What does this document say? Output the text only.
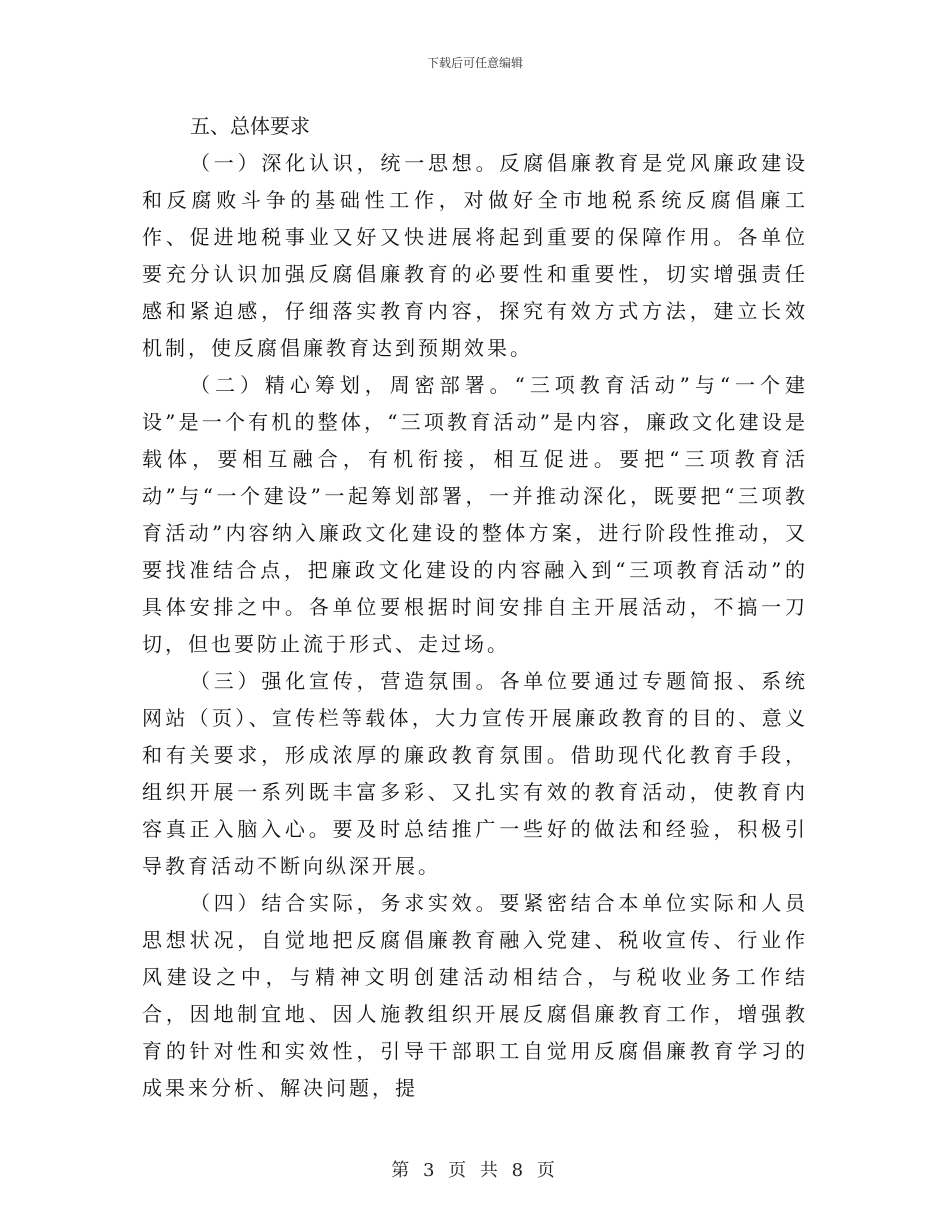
下载后可任意编辑

五、总体要求

（一）深化认识，统一思想。反腐倡廉教育是党风廉政建设和反腐败斗争的基础性工作，对做好全市地税系统反腐倡廉工作、促进地税事业又好又快进展将起到重要的保障作用。各单位要充分认识加强反腐倡廉教育的必要性和重要性，切实增强责任感和紧迫感，仔细落实教育内容，探究有效方式方法，建立长效机制，使反腐倡廉教育达到预期效果。

（二）精心筹划，周密部署。“三项教育活动”与“一个建设”是一个有机的整体，“三项教育活动”是内容，廉政文化建设是载体，要相互融合，有机衔接，相互促进。要把“三项教育活动”与“一个建设”一起筹划部署，一并推动深化，既要把“三项教育活动”内容纳入廉政文化建设的整体方案，进行阶段性推动，又要找准结合点，把廉政文化建设的内容融入到“三项教育活动”的具体安排之中。各单位要根据时间安排自主开展活动，不搞一刀切，但也要防止流于形式、走过场。

（三）强化宣传，营造氛围。各单位要通过专题简报、系统网站（页）、宣传栏等载体，大力宣传开展廉政教育的目的、意义和有关要求，形成浓厚的廉政教育氛围。借助现代化教育手段，组织开展一系列既丰富多彩、又扎实有效的教育活动，使教育内容真正入脑入心。要及时总结推广一些好的做法和经验，积极引导教育活动不断向纵深开展。

（四）结合实际，务求实效。要紧密结合本单位实际和人员思想状况，自觉地把反腐倡廉教育融入党建、税收宣传、行业作风建设之中，与精神文明创建活动相结合，与税收业务工作结合，因地制宜地、因人施教组织开展反腐倡廉教育工作，增强教育的针对性和实效性，引导干部职工自觉用反腐倡廉教育学习的成果来分析、解决问题，提

第 3 页 共 8 页
